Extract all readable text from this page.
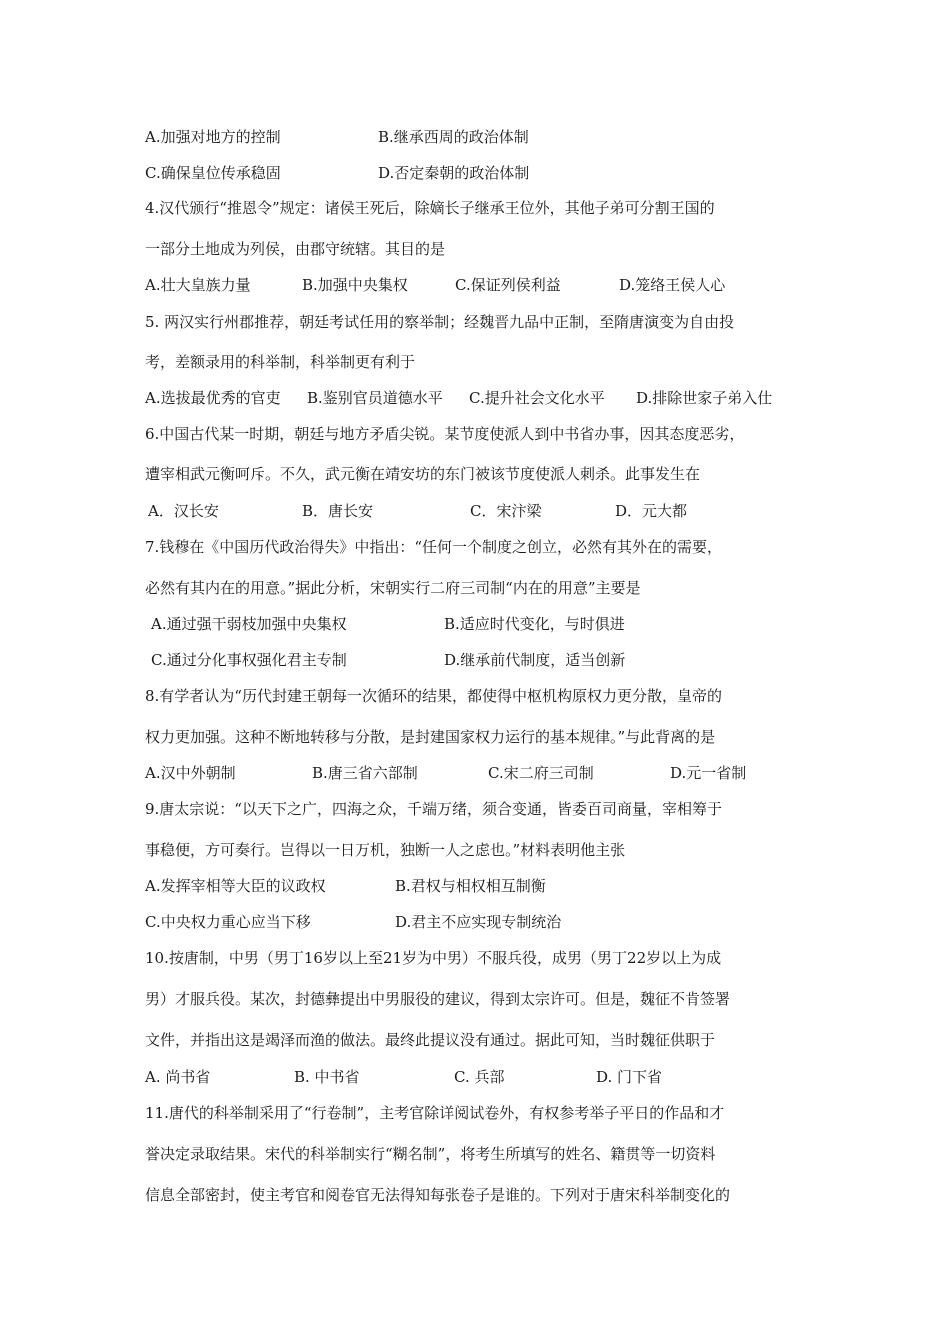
A.加强对地方的控制	B.继承西周的政治体制
C.确保皇位传承稳固	D.否定秦朝的政治体制
4.汉代颁行“推恩令”规定：诸侯王死后，除嫡长子继承王位外，其他子弟可分割王国的
一部分土地成为列侯，由郡守统辖。其目的是
A.壮大皇族力量	B.加强中央集权	C.保证列侯利益	D.笼络王侯人心
5. 两汉实行州郡推荐，朝廷考试任用的察举制；经魏晋九品中正制，至隋唐演变为自由投
考，差额录用的科举制，科举制更有利于
A.选拔最优秀的官吏 B.鉴别官员道德水平 C.提升社会文化水平 D.排除世家子弟入仕
6.中国古代某一时期，朝廷与地方矛盾尖锐。某节度使派人到中书省办事，因其态度恶劣，
遭宰相武元衡呵斥。不久，武元衡在靖安坊的东门被该节度使派人刺杀。此事发生在
A．汉长安	B．唐长安	C．宋汴梁	D．元大都
7.钱穆在《中国历代政治得失》中指出：“任何一个制度之创立，必然有其外在的需要，
必然有其内在的用意。”据此分析，宋朝实行二府三司制“内在的用意”主要是
A.通过强干弱枝加强中央集权	B.适应时代变化，与时俱进
C.通过分化事权强化君主专制	D.继承前代制度，适当创新
8.有学者认为“历代封建王朝每一次循环的结果，都使得中枢机构原权力更分散，皇帝的
权力更加强。这种不断地转移与分散，是封建国家权力运行的基本规律。”与此背离的是
A.汉中外朝制	B.唐三省六部制	C.宋二府三司制	D.元一省制
9.唐太宗说：“以天下之广，四海之众，千端万绪，须合变通，皆委百司商量，宰相筹于
事稳便，方可奏行。岂得以一日万机，独断一人之虑也。”材料表明他主张
A.发挥宰相等大臣的议政权	B.君权与相权相互制衡
C.中央权力重心应当下移	D.君主不应实现专制统治
10.按唐制，中男（男丁16岁以上至21岁为中男）不服兵役，成男（男丁22岁以上为成
男）才服兵役。某次，封德彝提出中男服役的建议，得到太宗许可。但是，魏征不肯签署
文件，并指出这是竭泽而渔的做法。最终此提议没有通过。据此可知，当时魏征供职于
A. 尚书省	B. 中书省	C. 兵部	D. 门下省
11.唐代的科举制采用了“行卷制”，主考官除详阅试卷外，有权参考举子平日的作品和才
誉决定录取结果。宋代的科举制实行“糊名制”，将考生所填写的姓名、籍贯等一切资料
信息全部密封，使主考官和阅卷官无法得知每张卷子是谁的。下列对于唐宋科举制变化的
